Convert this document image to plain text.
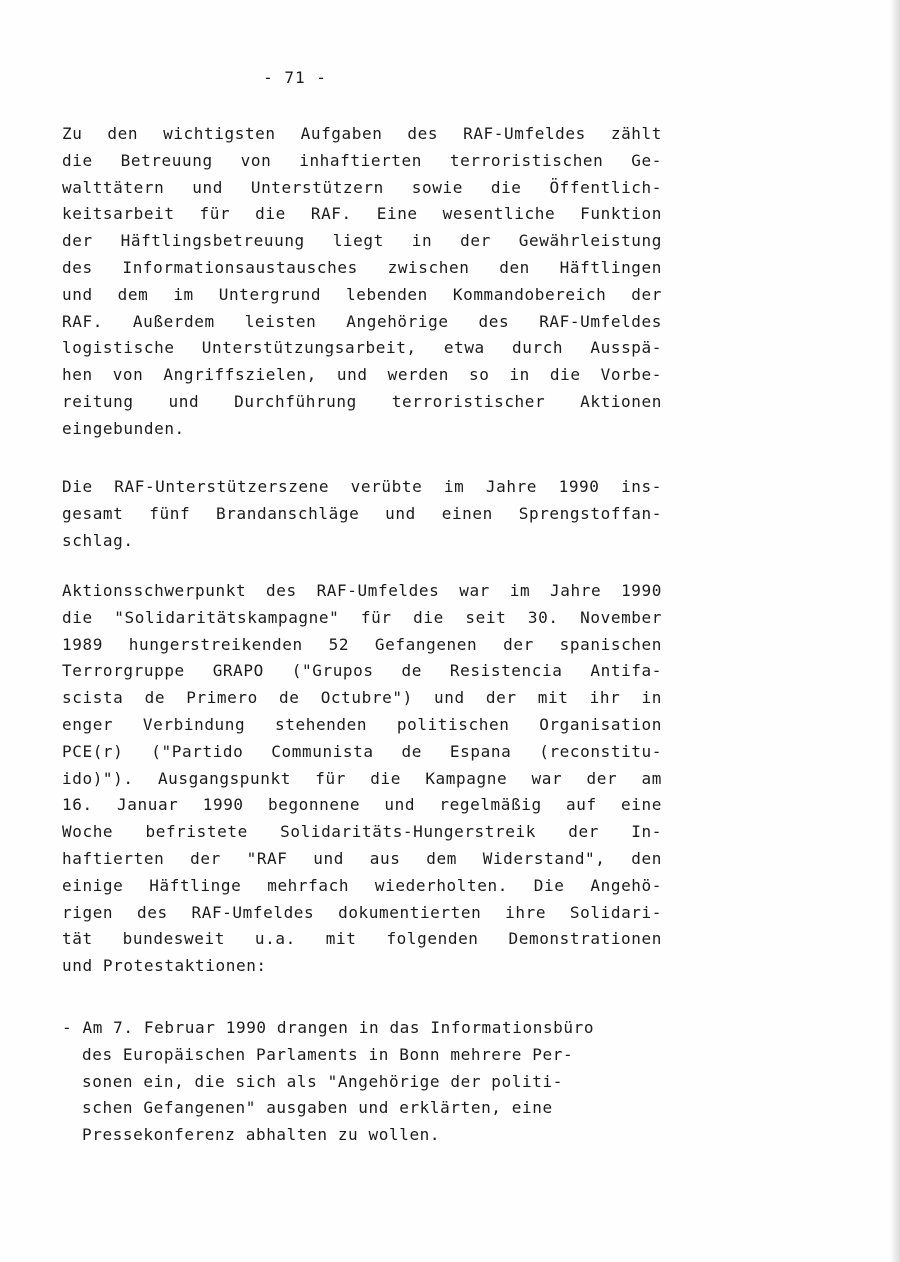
- 71 -
Zu den wichtigsten Aufgaben des RAF-Umfeldes zählt
die Betreuung von inhaftierten terroristischen Ge-
walttätern und Unterstützern sowie die Öffentlich-
keitsarbeit für die RAF. Eine wesentliche Funktion
der Häftlingsbetreuung liegt in der Gewährleistung
des Informationsaustausches zwischen den Häftlingen
und dem im Untergrund lebenden Kommandobereich der
RAF. Außerdem leisten Angehörige des RAF-Umfeldes
logistische Unterstützungsarbeit, etwa durch Ausspä-
hen von Angriffszielen, und werden so in die Vorbe-
reitung und Durchführung terroristischer Aktionen
eingebunden.
Die RAF-Unterstützerszene verübte im Jahre 1990 ins-
gesamt fünf Brandanschläge und einen Sprengstoffan-
schlag.
Aktionsschwerpunkt des RAF-Umfeldes war im Jahre 1990
die "Solidaritätskampagne" für die seit 30. November
1989 hungerstreikenden 52 Gefangenen der spanischen
Terrorgruppe GRAPO ("Grupos de Resistencia Antifa-
scista de Primero de Octubre") und der mit ihr in
enger Verbindung stehenden politischen Organisation
PCE(r) ("Partido Communista de Espana (reconstitu-
ido)"). Ausgangspunkt für die Kampagne war der am
16. Januar 1990 begonnene und regelmäßig auf eine
Woche befristete Solidaritäts-Hungerstreik der In-
haftierten der "RAF und aus dem Widerstand", den
einige Häftlinge mehrfach wiederholten. Die Angehö-
rigen des RAF-Umfeldes dokumentierten ihre Solidari-
tät bundesweit u.a. mit folgenden Demonstrationen
und Protestaktionen:
- Am 7. Februar 1990 drangen in das Informationsbüro
des Europäischen Parlaments in Bonn mehrere Per-
sonen ein, die sich als "Angehörige der politi-
schen Gefangenen" ausgaben und erklärten, eine
Pressekonferenz abhalten zu wollen.
